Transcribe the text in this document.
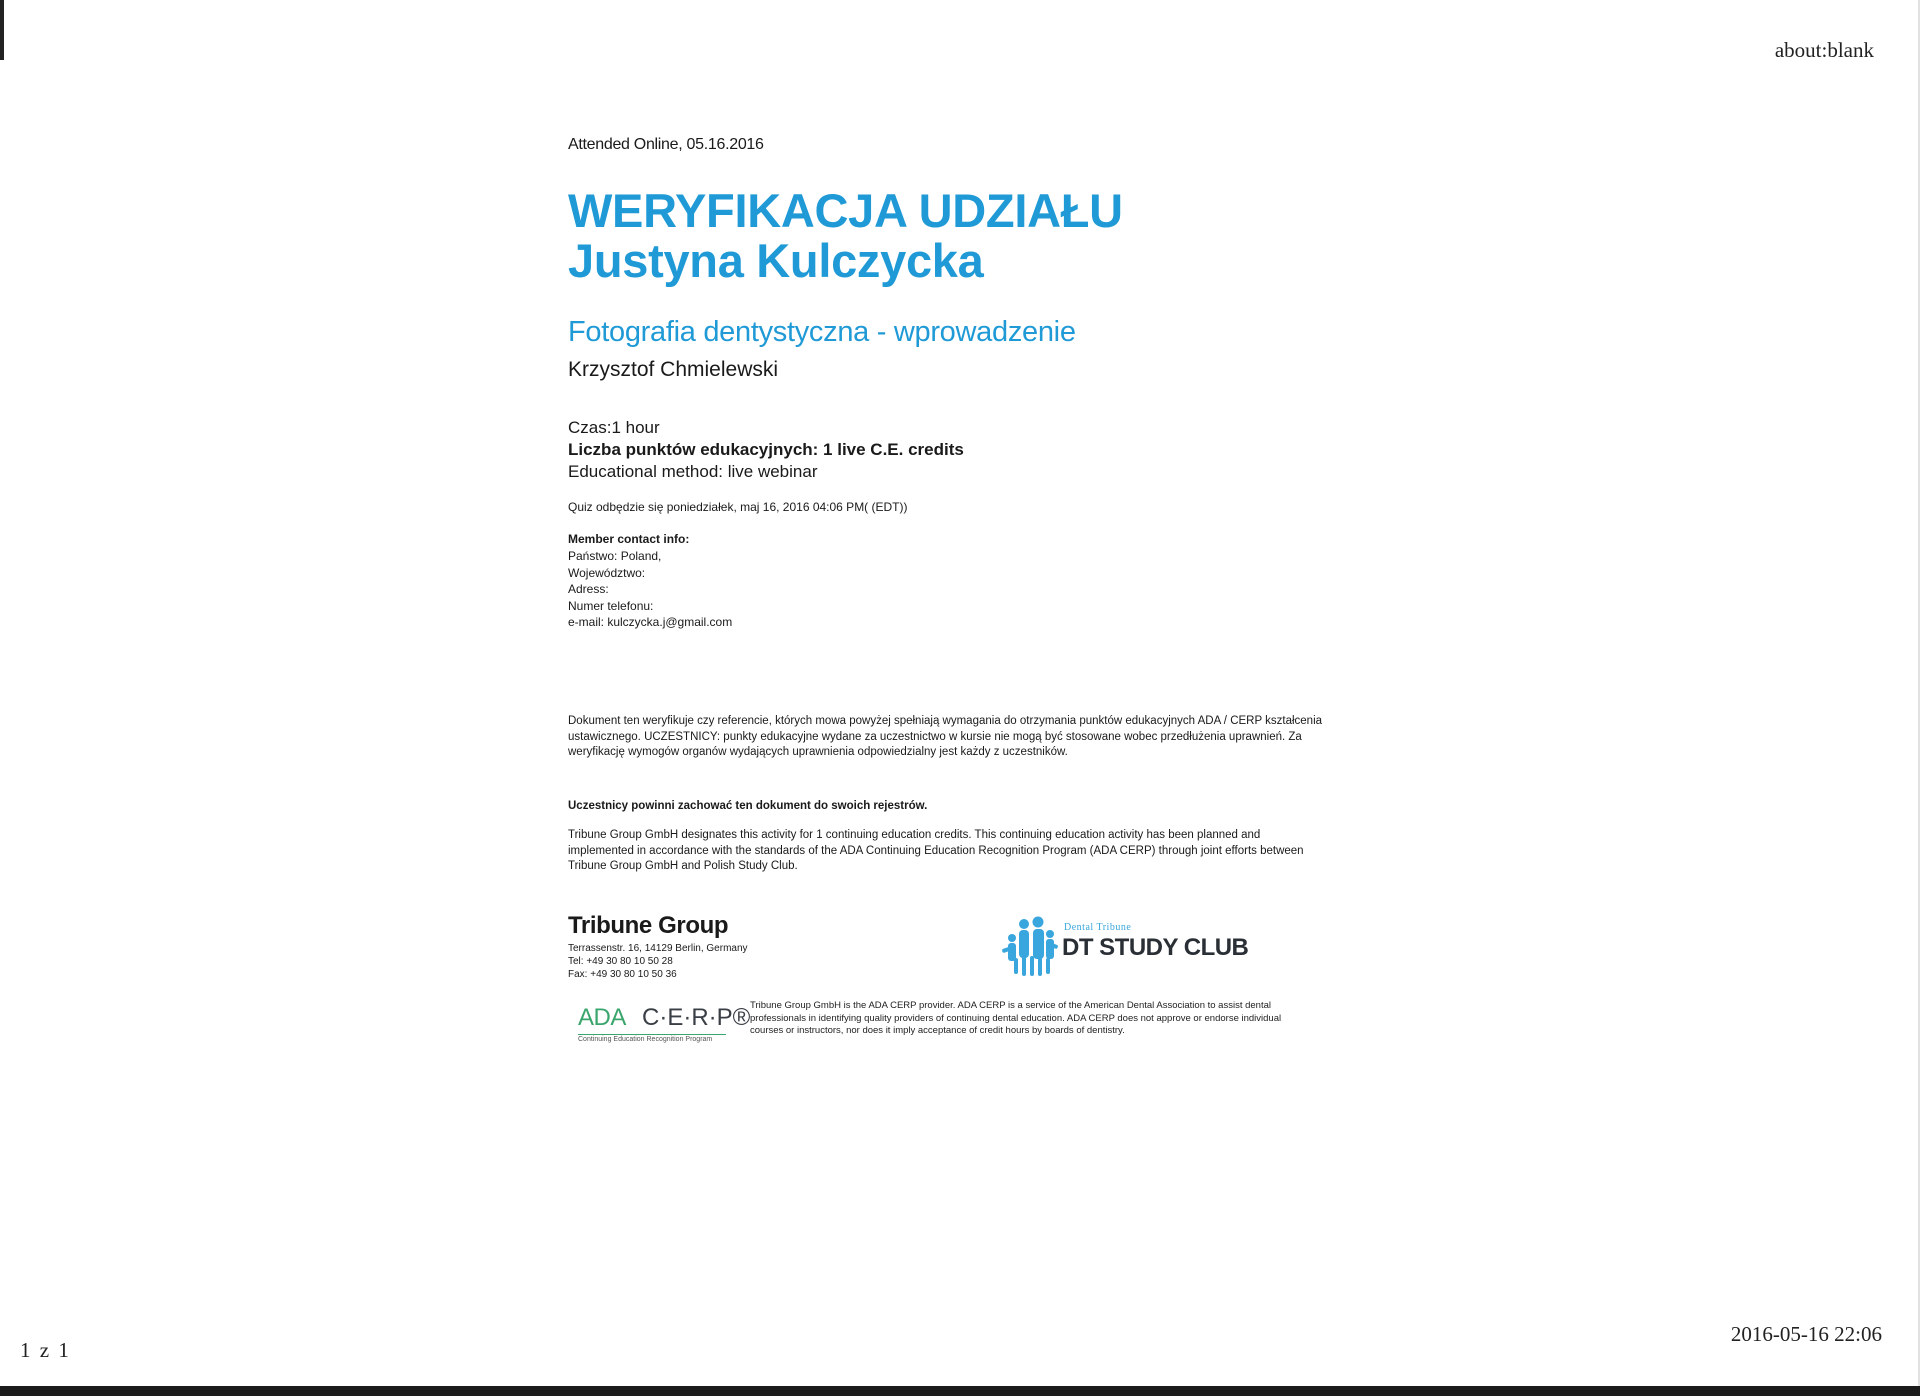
about:blank
1 z 1
2016-05-16 22:06
Attended Online, 05.16.2016
WERYFIKACJA UDZIAŁU
Justyna Kulczycka
Fotografia dentystyczna - wprowadzenie
Krzysztof Chmielewski
Czas:1 hour
Liczba punktów edukacyjnych: 1 live C.E. credits
Educational method: live webinar
Quiz odbędzie się poniedziałek, maj 16, 2016 04:06 PM( (EDT))
Member contact info:
Państwo: Poland,
Województwo:
Adress:
Numer telefonu:
e-mail: kulczycka.j@gmail.com
Dokument ten weryfikuje czy referencie, których mowa powyżej spełniają wymagania do otrzymania punktów edukacyjnych ADA / CERP kształcenia ustawicznego. UCZESTNICY: punkty edukacyjne wydane za uczestnictwo w kursie nie mogą być stosowane wobec przedłużenia uprawnień. Za weryfikację wymogów organów wydających uprawnienia odpowiedzialny jest każdy z uczestników.
Uczestnicy powinni zachować ten dokument do swoich rejestrów.
Tribune Group GmbH designates this activity for 1 continuing education credits. This continuing education activity has been planned and implemented in accordance with the standards of the ADA Continuing Education Recognition Program (ADA CERP) through joint efforts between Tribune Group GmbH and Polish Study Club.
Tribune Group
Terrassenstr. 16, 14129 Berlin, Germany
Tel: +49 30 80 10 50 28
Fax: +49 30 80 10 50 36
Dental Tribune
DT STUDY CLUB
ADA C·E·R·P®
Continuing Education Recognition Program
Tribune Group GmbH is the ADA CERP provider. ADA CERP is a service of the American Dental Association to assist dental professionals in identifying quality providers of continuing dental education. ADA CERP does not approve or endorse individual courses or instructors, nor does it imply acceptance of credit hours by boards of dentistry.
